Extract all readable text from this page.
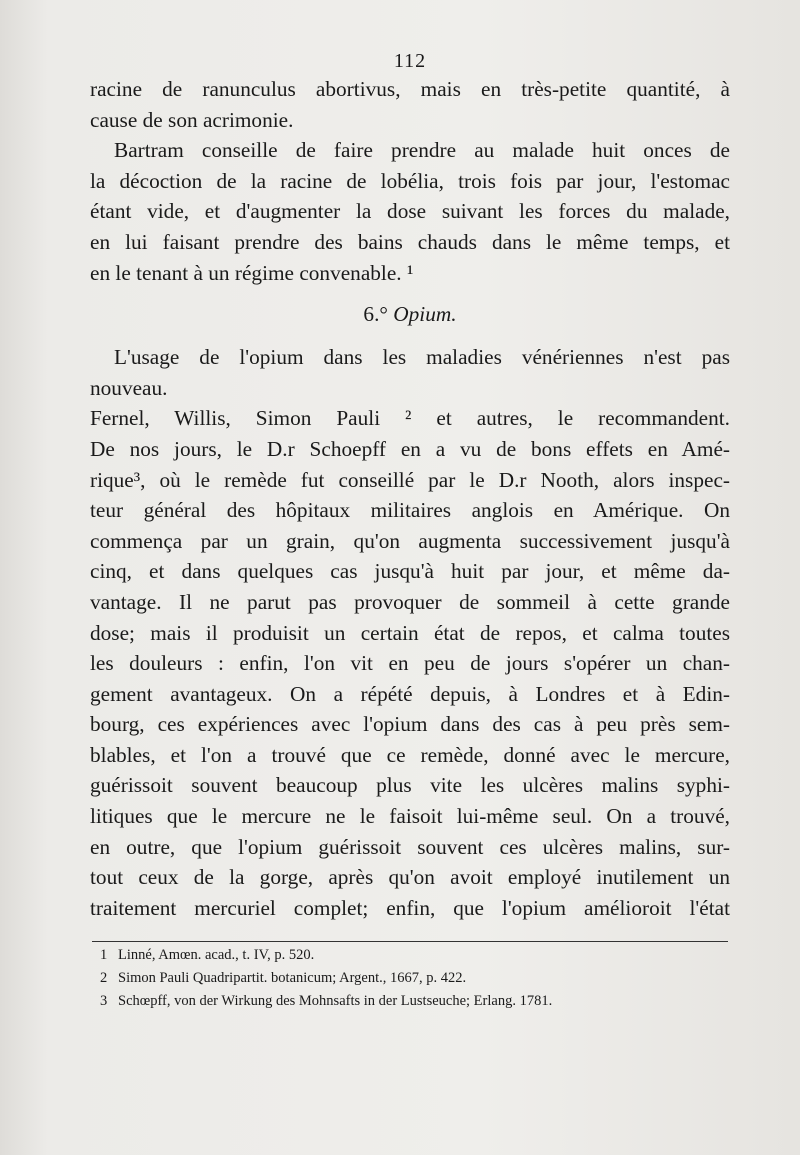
112
racine de ranunculus abortivus, mais en très-petite quantité, à
cause de son acrimonie.
Bartram conseille de faire prendre au malade huit onces de
la décoction de la racine de lobélia, trois fois par jour, l'estomac
étant vide, et d'augmenter la dose suivant les forces du malade,
en lui faisant prendre des bains chauds dans le même temps, et
en le tenant à un régime convenable. ¹
6.° Opium.
L'usage de l'opium dans les maladies vénériennes n'est pas
nouveau.
Fernel, Willis, Simon Pauli ² et autres, le recommandent.
De nos jours, le D.r Schoepff en a vu de bons effets en Amé-
rique³, où le remède fut conseillé par le D.r Nooth, alors inspec-
teur général des hôpitaux militaires anglois en Amérique. On
commença par un grain, qu'on augmenta successivement jusqu'à
cinq, et dans quelques cas jusqu'à huit par jour, et même da-
vantage. Il ne parut pas provoquer de sommeil à cette grande
dose; mais il produisit un certain état de repos, et calma toutes
les douleurs : enfin, l'on vit en peu de jours s'opérer un chan-
gement avantageux. On a répété depuis, à Londres et à Edin-
bourg, ces expériences avec l'opium dans des cas à peu près sem-
blables, et l'on a trouvé que ce remède, donné avec le mercure,
guérissoit souvent beaucoup plus vite les ulcères malins syphi-
litiques que le mercure ne le faisoit lui-même seul. On a trouvé,
en outre, que l'opium guérissoit souvent ces ulcères malins, sur-
tout ceux de la gorge, après qu'on avoit employé inutilement un
traitement mercuriel complet; enfin, que l'opium amélioroit l'état
1 Linné, Amœn. acad., t. IV, p. 520.
2 Simon Pauli Quadripartit. botanicum; Argent., 1667, p. 422.
3 Schœpff, von der Wirkung des Mohnsafts in der Lustseuche; Erlang. 1781.
